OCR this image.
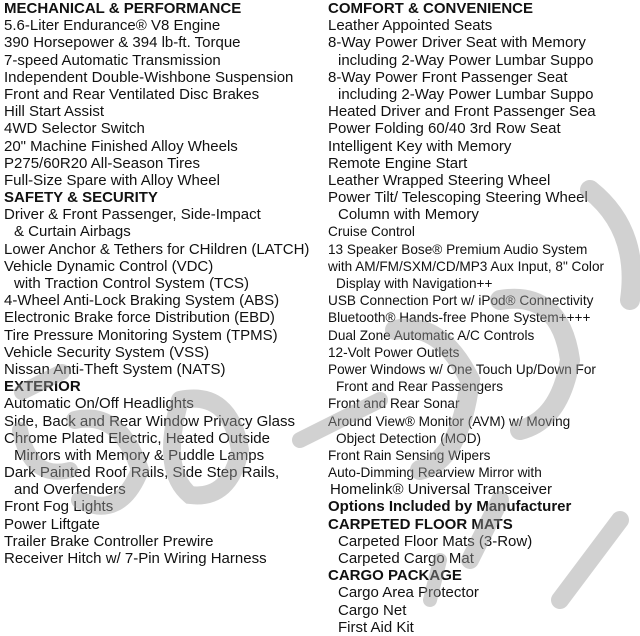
MECHANICAL & PERFORMANCE
5.6-Liter Endurance® V8 Engine
390 Horsepower & 394 lb-ft. Torque
7-speed Automatic Transmission
Independent Double-Wishbone Suspension
Front and Rear Ventilated Disc Brakes
Hill Start Assist
4WD Selector Switch
20" Machine Finished Alloy Wheels
P275/60R20 All-Season Tires
Full-Size Spare with Alloy Wheel
SAFETY & SECURITY
Driver & Front Passenger, Side-Impact
& Curtain Airbags
Lower Anchor & Tethers for CHildren (LATCH)
Vehicle Dynamic Control (VDC)
with Traction Control System (TCS)
4-Wheel Anti-Lock Braking System (ABS)
Electronic Brake force Distribution (EBD)
Tire Pressure Monitoring System (TPMS)
Vehicle Security System (VSS)
Nissan Anti-Theft System (NATS)
EXTERIOR
Automatic On/Off Headlights
Side, Back and Rear Window Privacy Glass
Chrome Plated Electric, Heated Outside
Mirrors with Memory & Puddle Lamps
Dark Painted Roof Rails, Side Step Rails,
and Overfenders
Front Fog Lights
Power Liftgate
Trailer Brake Controller Prewire
Receiver Hitch w/ 7-Pin Wiring Harness
COMFORT & CONVENIENCE
Leather Appointed Seats
8-Way Power Driver Seat with Memory
including 2-Way Power Lumbar Suppo
8-Way Power Front Passenger Seat
including 2-Way Power Lumbar Suppo
Heated Driver and Front Passenger Sea
Power Folding 60/40 3rd Row Seat
Intelligent Key with Memory
Remote Engine Start
Leather Wrapped Steering Wheel
Power Tilt/ Telescoping Steering Wheel
Column with Memory
Cruise Control
13 Speaker Bose® Premium Audio System
with AM/FM/SXM/CD/MP3 Aux Input, 8" Color
Display with Navigation++
USB Connection Port w/ iPod® Connectivity
Bluetooth® Hands-free Phone System++++
Dual Zone Automatic A/C Controls
12-Volt Power Outlets
Power Windows w/ One Touch Up/Down For
Front and Rear Passengers
Front and Rear Sonar
Around View® Monitor (AVM) w/ Moving
Object Detection (MOD)
Front Rain Sensing Wipers
Auto-Dimming Rearview Mirror with
Homelink® Universal Transceiver
Options Included by Manufacturer
CARPETED FLOOR MATS
Carpeted Floor Mats (3-Row)
Carpeted Cargo Mat
CARGO PACKAGE
Cargo Area Protector
Cargo Net
First Aid Kit
